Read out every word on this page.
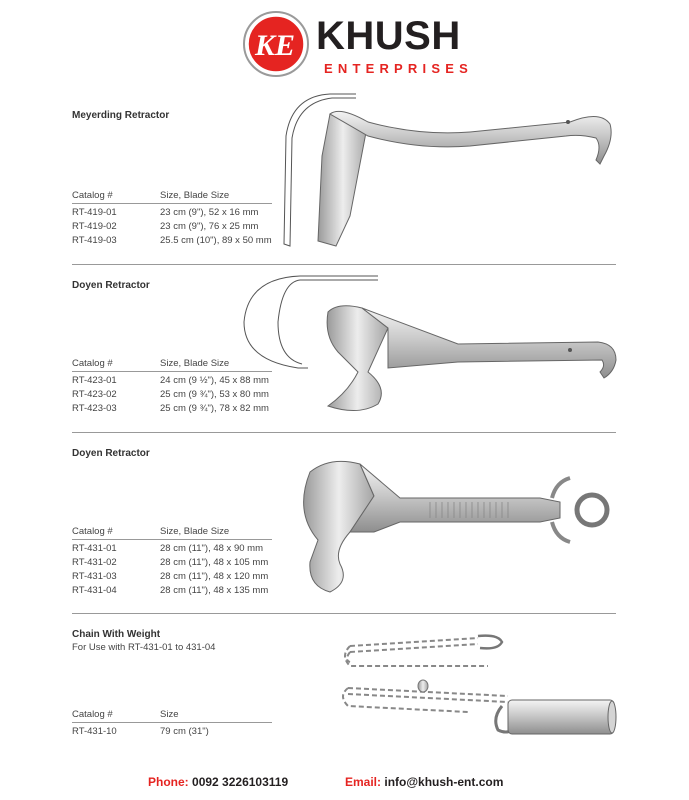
KE KHUSH
ENTERPRISES
Meyerding Retractor
Catalog #	Size, Blade Size
RT-419-01	23 cm (9"), 52 x 16 mm
RT-419-02	23 cm (9"), 76 x 25 mm
RT-419-03	25.5 cm (10"), 89 x 50 mm
Doyen Retractor
Catalog #	Size, Blade Size
RT-423-01	24 cm (9 ½"), 45 x 88 mm
RT-423-02	25 cm (9 ¾"), 53 x 80 mm
RT-423-03	25 cm (9 ¾"), 78 x 82 mm
Doyen Retractor
Catalog #	Size, Blade Size
RT-431-01	28 cm (11"), 48 x 90 mm
RT-431-02	28 cm (11"), 48 x 105 mm
RT-431-03	28 cm (11"), 48 x 120 mm
RT-431-04	28 cm (11"), 48 x 135 mm
Chain With Weight
For Use with RT-431-01 to 431-04
Catalog #	Size
RT-431-10	79 cm (31")
Phone: 0092 3226103119	Email: info@khush-ent.com
